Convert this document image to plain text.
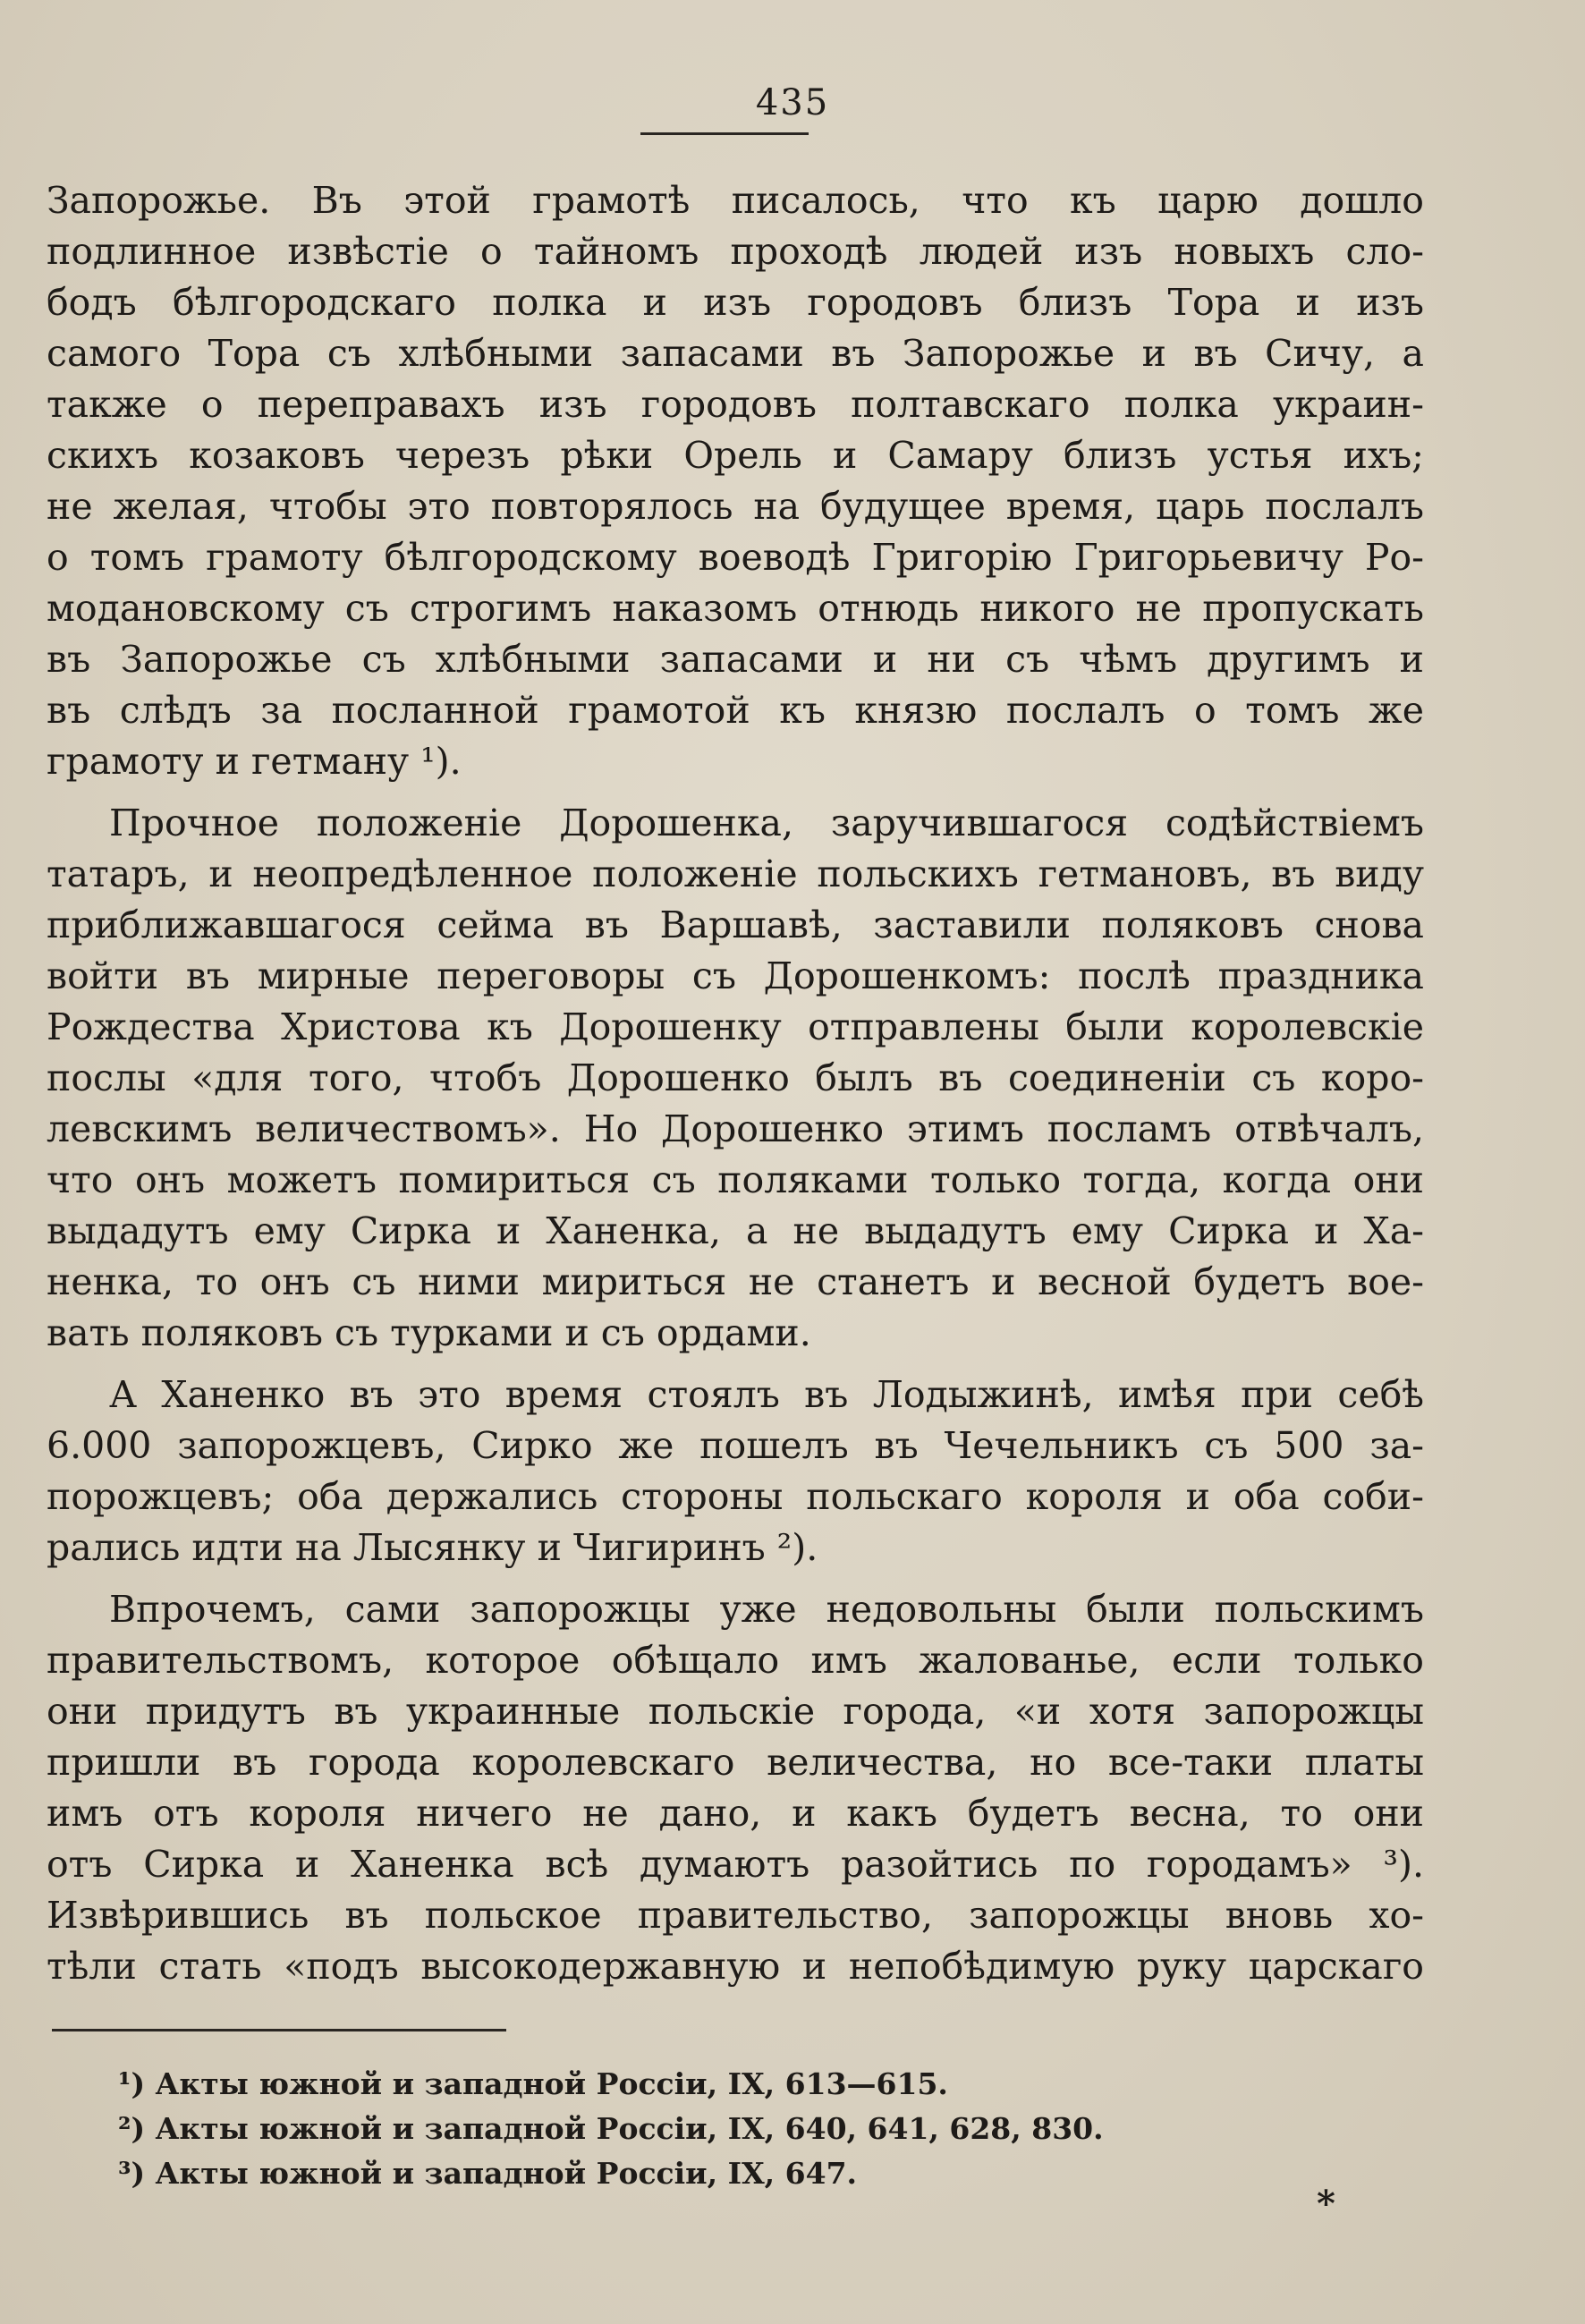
435
Запорожье. Въ этой грамотѣ писалось, что къ царю дошло
подлинное извѣстіе о тайномъ проходѣ людей изъ новыхъ сло-
бодъ бѣлгородскаго полка и изъ городовъ близъ Тора и изъ
самого Тора съ хлѣбными запасами въ Запорожье и въ Сичу, а
также о переправахъ изъ городовъ полтавскаго полка украин-
скихъ козаковъ черезъ рѣки Орель и Самару близъ устья ихъ;
не желая, чтобы это повторялось на будущее время, царь послалъ
о томъ грамоту бѣлгородскому воеводѣ Григорію Григорьевичу Ро-
модановскому съ строгимъ наказомъ отнюдь никого не пропускать
въ Запорожье съ хлѣбными запасами и ни съ чѣмъ другимъ и
въ слѣдъ за посланной грамотой къ князю послалъ о томъ же
грамоту и гетману ¹).
Прочное положеніе Дорошенка, заручившагося содѣйствіемъ
татаръ, и неопредѣленное положеніе польскихъ гетмановъ, въ виду
приближавшагося сейма въ Варшавѣ, заставили поляковъ снова
войти въ мирные переговоры съ Дорошенкомъ: послѣ праздника
Рождества Христова къ Дорошенку отправлены были королевскіе
послы «для того, чтобъ Дорошенко былъ въ соединеніи съ коро-
левскимъ величествомъ». Но Дорошенко этимъ посламъ отвѣчалъ,
что онъ можетъ помириться съ поляками только тогда, когда они
выдадутъ ему Сирка и Ханенка, а не выдадутъ ему Сирка и Ха-
ненка, то онъ съ ними мириться не станетъ и весной будетъ вое-
вать поляковъ съ турками и съ ордами.
А Ханенко въ это время стоялъ въ Лодыжинѣ, имѣя при себѣ
6.000 запорожцевъ, Сирко же пошелъ въ Чечельникъ съ 500 за-
порожцевъ; оба держались стороны польскаго короля и оба соби-
рались идти на Лысянку и Чигиринъ ²).
Впрочемъ, сами запорожцы уже недовольны были польскимъ
правительствомъ, которое обѣщало имъ жалованье, если только
они придутъ въ украинные польскіе города, «и хотя запорожцы
пришли въ города королевскаго величества, но все-таки платы
имъ отъ короля ничего не дано, и какъ будетъ весна, то они
отъ Сирка и Ханенка всѣ думаютъ разойтись по городамъ» ³).
Извѣрившись въ польское правительство, запорожцы вновь хо-
тѣли стать «подъ высокодержавную и непобѣдимую руку царскаго
¹) Акты южной и западной Россіи, IX, 613—615.
²) Акты южной и западной Россіи, IX, 640, 641, 628, 830.
³) Акты южной и западной Россіи, IX, 647.
*
